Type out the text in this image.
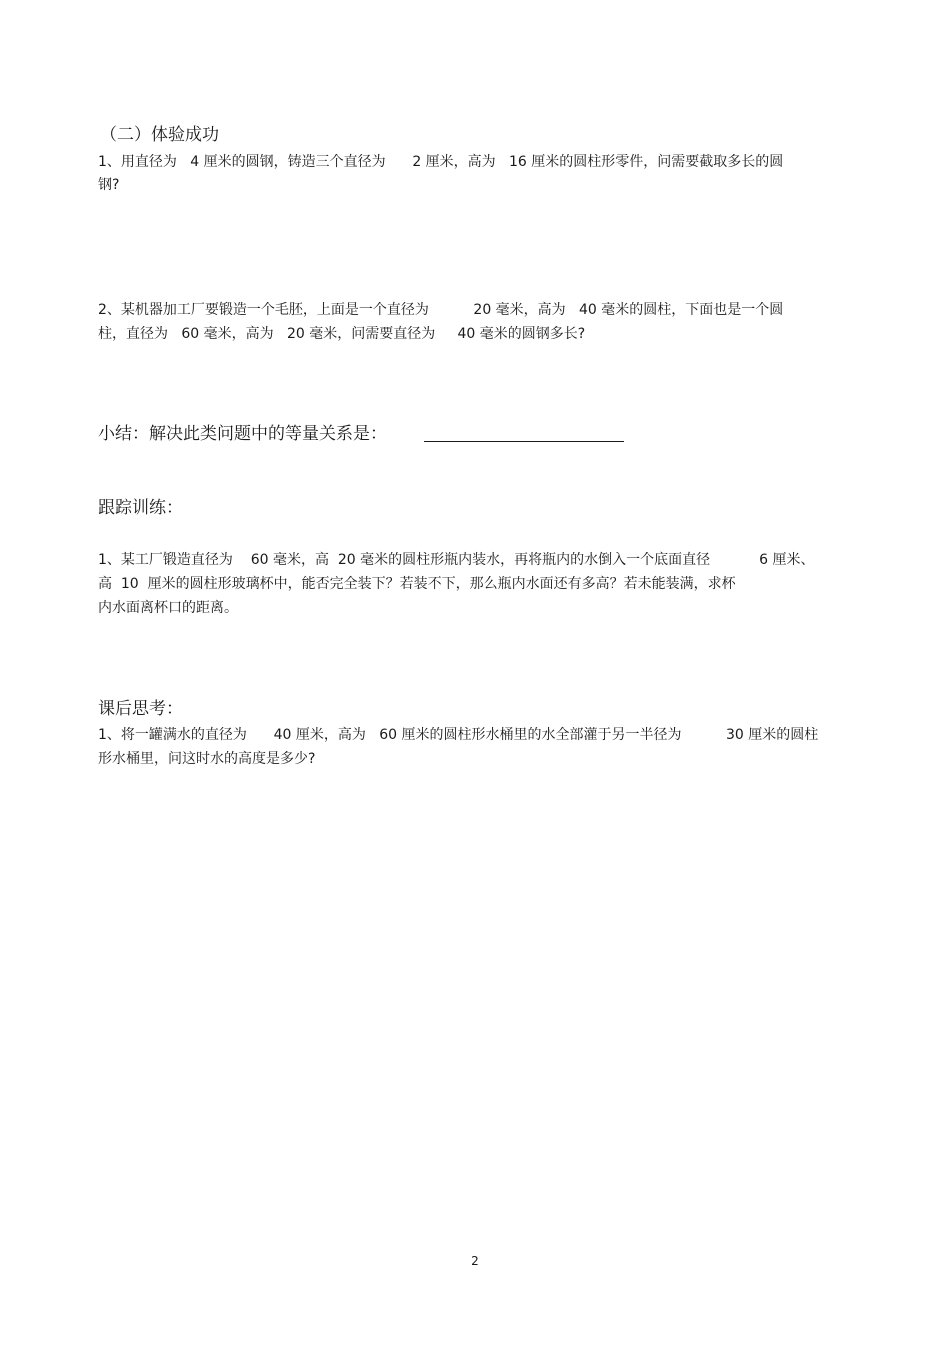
（二）体验成功
1、用直径为   4 厘米的圆钢，铸造三个直径为      2 厘米，高为   16 厘米的圆柱形零件，问需要截取多长的圆
钢?
2、某机器加工厂要锻造一个毛胚，上面是一个直径为          20 毫米，高为   40 毫米的圆柱，下面也是一个圆
柱，直径为   60 毫米，高为   20 毫米，问需要直径为     40 毫米的圆钢多长?
小结：解决此类问题中的等量关系是：
跟踪训练：
1、某工厂锻造直径为    60 毫米，高  20 毫米的圆柱形瓶内装水，再将瓶内的水倒入一个底面直径           6 厘米、
高  10  厘米的圆柱形玻璃杯中，能否完全装下？若装不下，那么瓶内水面还有多高？若未能装满，求杯
内水面离杯口的距离。
课后思考：
1、将一罐满水的直径为      40 厘米，高为   60 厘米的圆柱形水桶里的水全部灌于另一半径为          30 厘米的圆柱
形水桶里，问这时水的高度是多少?
2
